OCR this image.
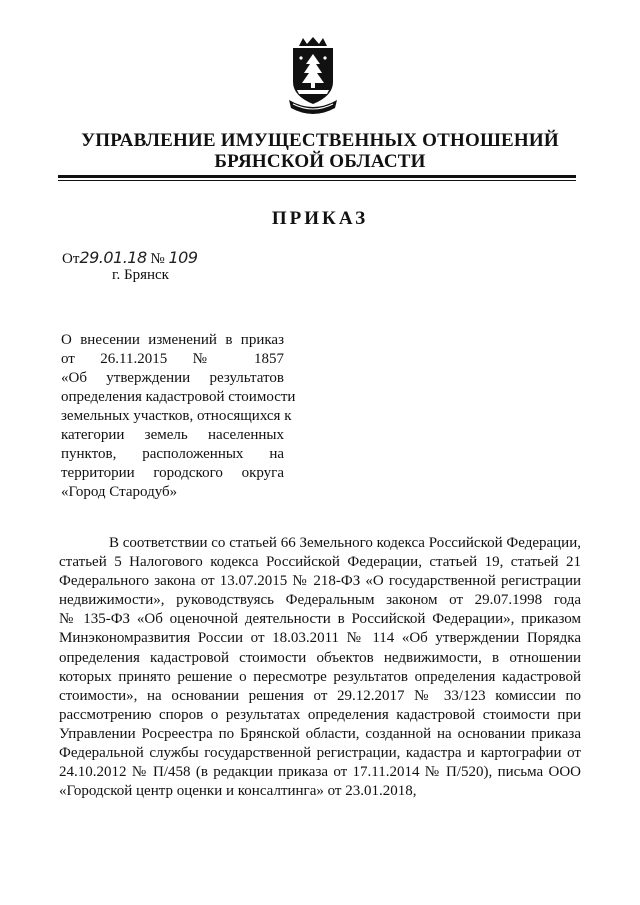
УПРАВЛЕНИЕ ИМУЩЕСТВЕННЫХ ОТНОШЕНИЙ
БРЯНСКОЙ ОБЛАСТИ
ПРИКАЗ
От29.01.18 № 109
г. Брянск
О внесении изменений в приказ
от 26.11.2015 № 1857
«Об утверждении результатов
определения кадастровой стоимости
земельных участков, относящихся к
категории земель населенных
пунктов, расположенных на
территории городского округа
«Город Стародуб»
В соответствии со статьей 66 Земельного кодекса Российской Федерации,
статьей 5 Налогового кодекса Российской Федерации, статьей 19, статьей 21
Федерального закона от 13.07.2015 № 218-ФЗ «О государственной регистрации
недвижимости», руководствуясь Федеральным законом от 29.07.1998 года
№ 135-ФЗ «Об оценочной деятельности в Российской Федерации», приказом
Минэкономразвития России от 18.03.2011 № 114 «Об утверждении Порядка
определения кадастровой стоимости объектов недвижимости, в отношении
которых принято решение о пересмотре результатов определения кадастровой
стоимости», на основании решения от 29.12.2017 № 33/123 комиссии по
рассмотрению споров о результатах определения кадастровой стоимости при
Управлении Росреестра по Брянской области, созданной на основании приказа
Федеральной службы государственной регистрации, кадастра и картографии от
24.10.2012 № П/458 (в редакции приказа от 17.11.2014 № П/520), письма ООО
«Городской центр оценки и консалтинга» от 23.01.2018,
